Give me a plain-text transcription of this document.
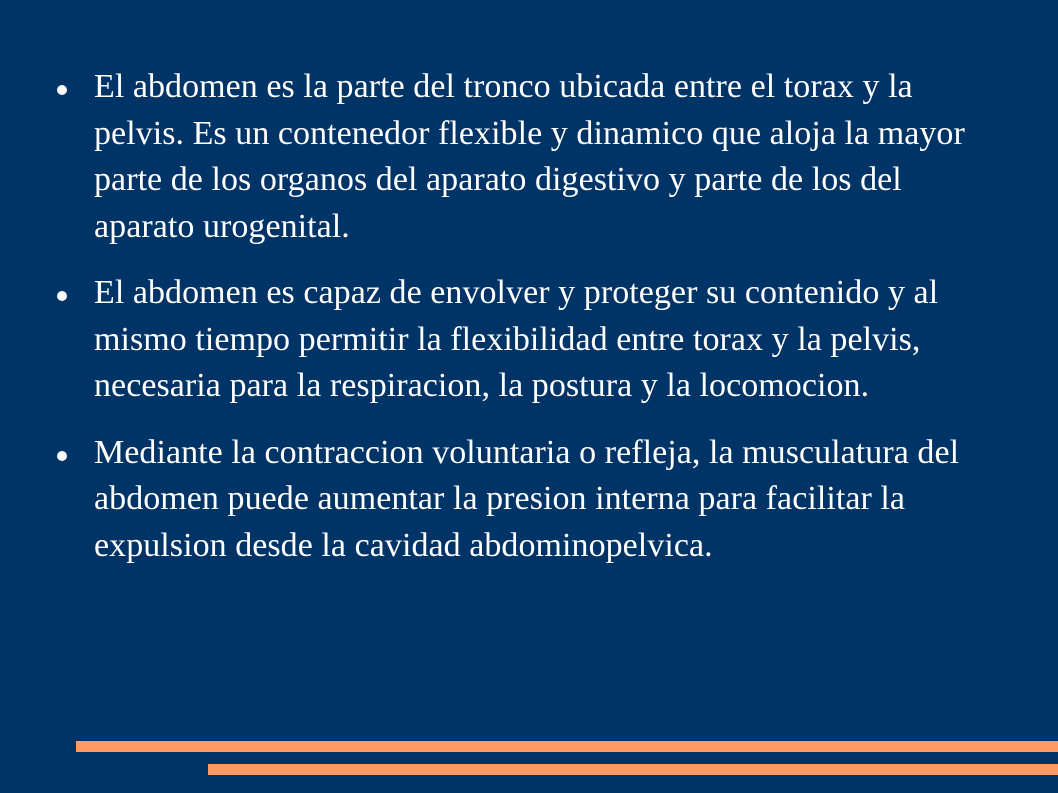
El abdomen es la parte del tronco ubicada entre el torax y la pelvis. Es un contenedor flexible y dinamico que aloja la mayor parte de los organos del aparato digestivo y parte de los del aparato urogenital.
El abdomen es capaz de envolver y proteger su contenido y al mismo tiempo permitir la flexibilidad entre torax y la pelvis, necesaria para la respiracion, la postura y la locomocion.
Mediante la contraccion voluntaria o refleja, la musculatura del abdomen puede aumentar la presion interna para facilitar la expulsion desde la cavidad abdominopelvica.
